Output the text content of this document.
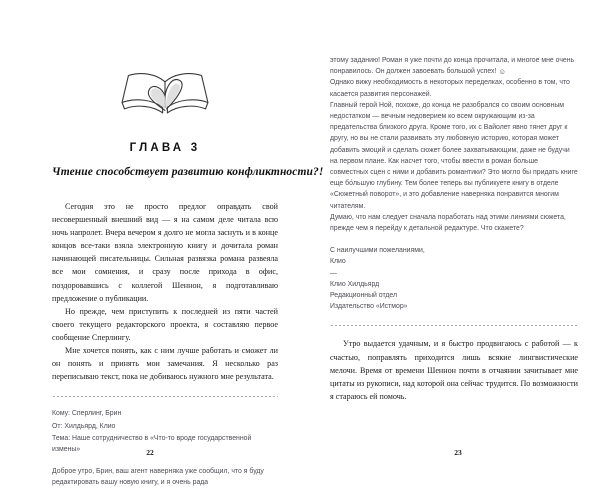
ГЛАВА 3
Чтение способствует развитию конфликтности?!

Сегодня это не просто предлог оправдать свой несовершенный внешний вид — я на самом деле читала всю ночь напролет. Вчера вечером я долго не могла заснуть и в конце концов все-таки взяла электронную книгу и дочитала роман начинающей писательницы. Сильная развязка романа развеяла все мои сомнения, и сразу после прихода в офис, поздоровавшись с коллегой Шеннон, я подготавливаю предложение о публикации.

Но прежде, чем приступить к последней из пяти частей своего текущего редакторского проекта, я составляю первое сообщение Сперлингу.

Мне хочется понять, как с ним лучше работать и сможет ли он понять и принять мои замечания. Я несколько раз переписываю текст, пока не добиваюсь нужного мне результата.

Кому: Сперлинг, Брин
От: Хилдьярд, Клио
Тема: Наше сотрудничество в «Что-то вроде государственной измены»

Доброе утро, Брин, ваш агент наверняка уже сообщил, что я буду редактировать вашу новую книгу, и я очень рада

22

этому заданию! Роман я уже почти до конца прочитала, и многое мне очень понравилось. Он должен завоевать большой успех! ☺

Однако вижу необходимость в некоторых переделках, особенно в том, что касается развития персонажей.

Главный герой Ной, похоже, до конца не разобрался со своим основным недостатком — вечным недоверием ко всем окружающим из-за предательства близкого друга. Кроме того, их с Вайолет явно тянет друг к другу, но вы не стали развивать эту любовную историю, которая может добавить эмоций и сделать сюжет более захватывающим, даже не будучи на первом плане. Как насчет того, чтобы ввести в роман больше совместных сцен с ними и добавить романтики? Это могло бы придать книге еще бо́льшую глубину. Тем более теперь вы публикуете книгу в отделе «Сюжетный поворот», и это добавление наверняка понравится многим читателям.

Думаю, что нам следует сначала поработать над этими линиями сюжета, прежде чем я перейду к детальной редактуре. Что скажете?

С наилучшими пожеланиями,
Клио
—
Клио Хилдьярд
Редакционный отдел
Издательство «Истмор»

Утро выдается удачным, и я быстро продвигаюсь с работой — к счастью, поправлять приходится лишь всякие лингвистические мелочи. Время от времени Шеннон почти в отчаянии зачитывает мне цитаты из рукописи, над которой она сейчас трудится. По возможности я стараюсь ей помочь.

23
